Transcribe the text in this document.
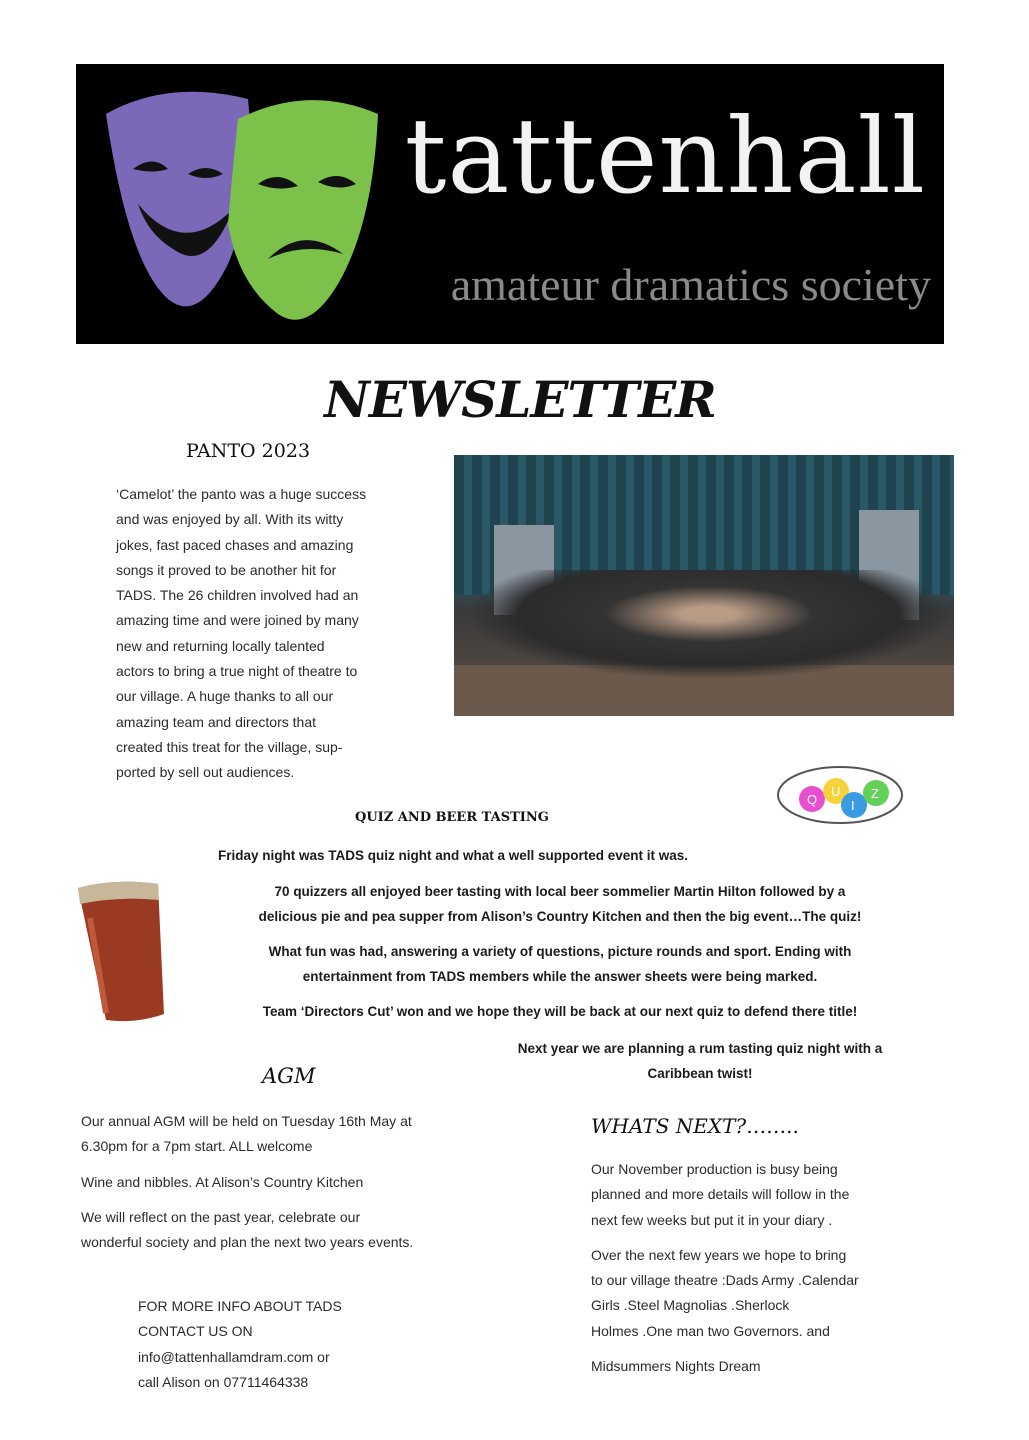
tattenhall
amateur dramatics society
NEWSLETTER
PANTO 2023
‘Camelot’ the panto was a huge success
and was enjoyed by all. With its witty
jokes, fast paced chases and amazing
songs it proved to be another hit for
TADS. The 26 children involved had an
amazing time and were joined by many
new and returning locally talented
actors to bring a true night of theatre to
our village. A huge thanks to all our
amazing team and directors that
created this treat for the village, sup-
ported by sell out audiences.
Q
U
I
Z
QUIZ AND BEER TASTING
Friday night was TADS quiz night and what a well supported event it was.
70 quizzers all enjoyed beer tasting with local beer sommelier Martin Hilton followed by a
delicious pie and pea supper from Alison’s Country Kitchen and then the big event…The quiz!
What fun was had, answering a variety of questions, picture rounds and sport. Ending with
entertainment from TADS members while the answer sheets were being marked.
Team ‘Directors Cut’ won and we hope they will be back at our next quiz to defend there title!
Next year we are planning a rum tasting quiz night with a
Caribbean twist!
AGM
Our annual AGM will be held on Tuesday 16th May at
6.30pm for a 7pm start. ALL welcome
Wine and nibbles. At Alison’s Country Kitchen
We will reflect on the past year, celebrate our
wonderful society and plan the next two years events.
FOR MORE INFO ABOUT TADS
CONTACT US ON
info@tattenhallamdram.com or
call Alison on 07711464338
WHATS NEXT?……..
Our November production is busy being
planned and more details will follow in the
next few weeks but put it in your diary .
Over the next few years we hope to bring
to our village theatre :Dads Army .Calendar
Girls .Steel Magnolias .Sherlock
Holmes .One man two Governors. and
Midsummers Nights Dream
